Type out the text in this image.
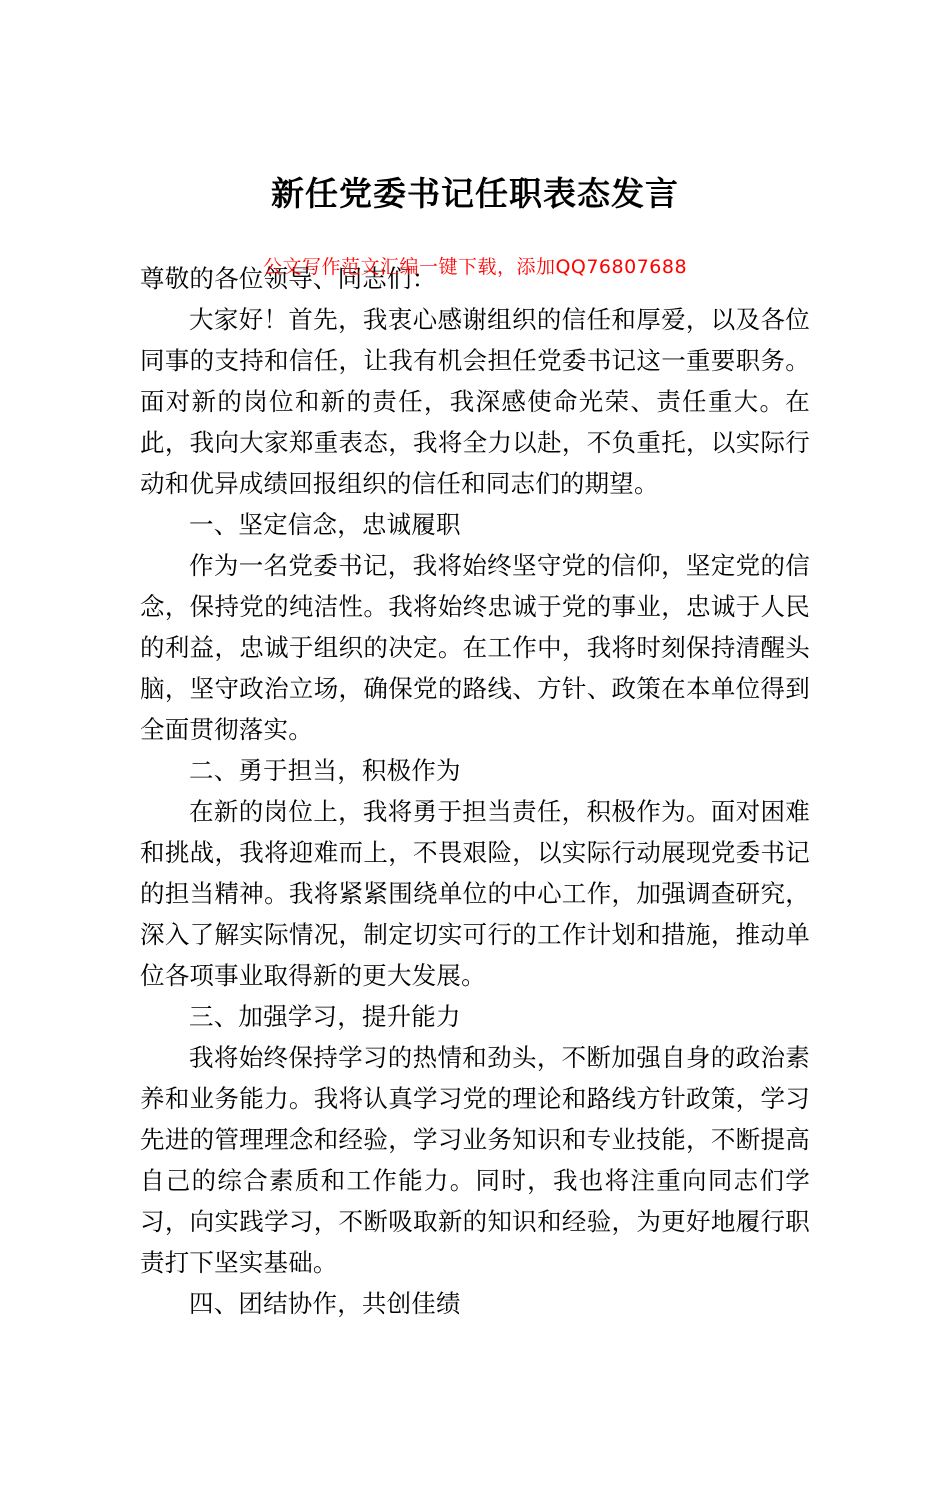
公文写作范文汇编一键下载，添加QQ76807688
新任党委书记任职表态发言

尊敬的各位领导、同志们：

大家好！首先，我衷心感谢组织的信任和厚爱，以及各位同事的支持和信任，让我有机会担任党委书记这一重要职务。面对新的岗位和新的责任，我深感使命光荣、责任重大。在此，我向大家郑重表态，我将全力以赴，不负重托，以实际行动和优异成绩回报组织的信任和同志们的期望。

一、坚定信念，忠诚履职

作为一名党委书记，我将始终坚守党的信仰，坚定党的信念，保持党的纯洁性。我将始终忠诚于党的事业，忠诚于人民的利益，忠诚于组织的决定。在工作中，我将时刻保持清醒头脑，坚守政治立场，确保党的路线、方针、政策在本单位得到全面贯彻落实。

二、勇于担当，积极作为

在新的岗位上，我将勇于担当责任，积极作为。面对困难和挑战，我将迎难而上，不畏艰险，以实际行动展现党委书记的担当精神。我将紧紧围绕单位的中心工作，加强调查研究，深入了解实际情况，制定切实可行的工作计划和措施，推动单位各项事业取得新的更大发展。

三、加强学习，提升能力

我将始终保持学习的热情和劲头，不断加强自身的政治素养和业务能力。我将认真学习党的理论和路线方针政策，学习先进的管理理念和经验，学习业务知识和专业技能，不断提高自己的综合素质和工作能力。同时，我也将注重向同志们学习，向实践学习，不断吸取新的知识和经验，为更好地履行职责打下坚实基础。

四、团结协作，共创佳绩
